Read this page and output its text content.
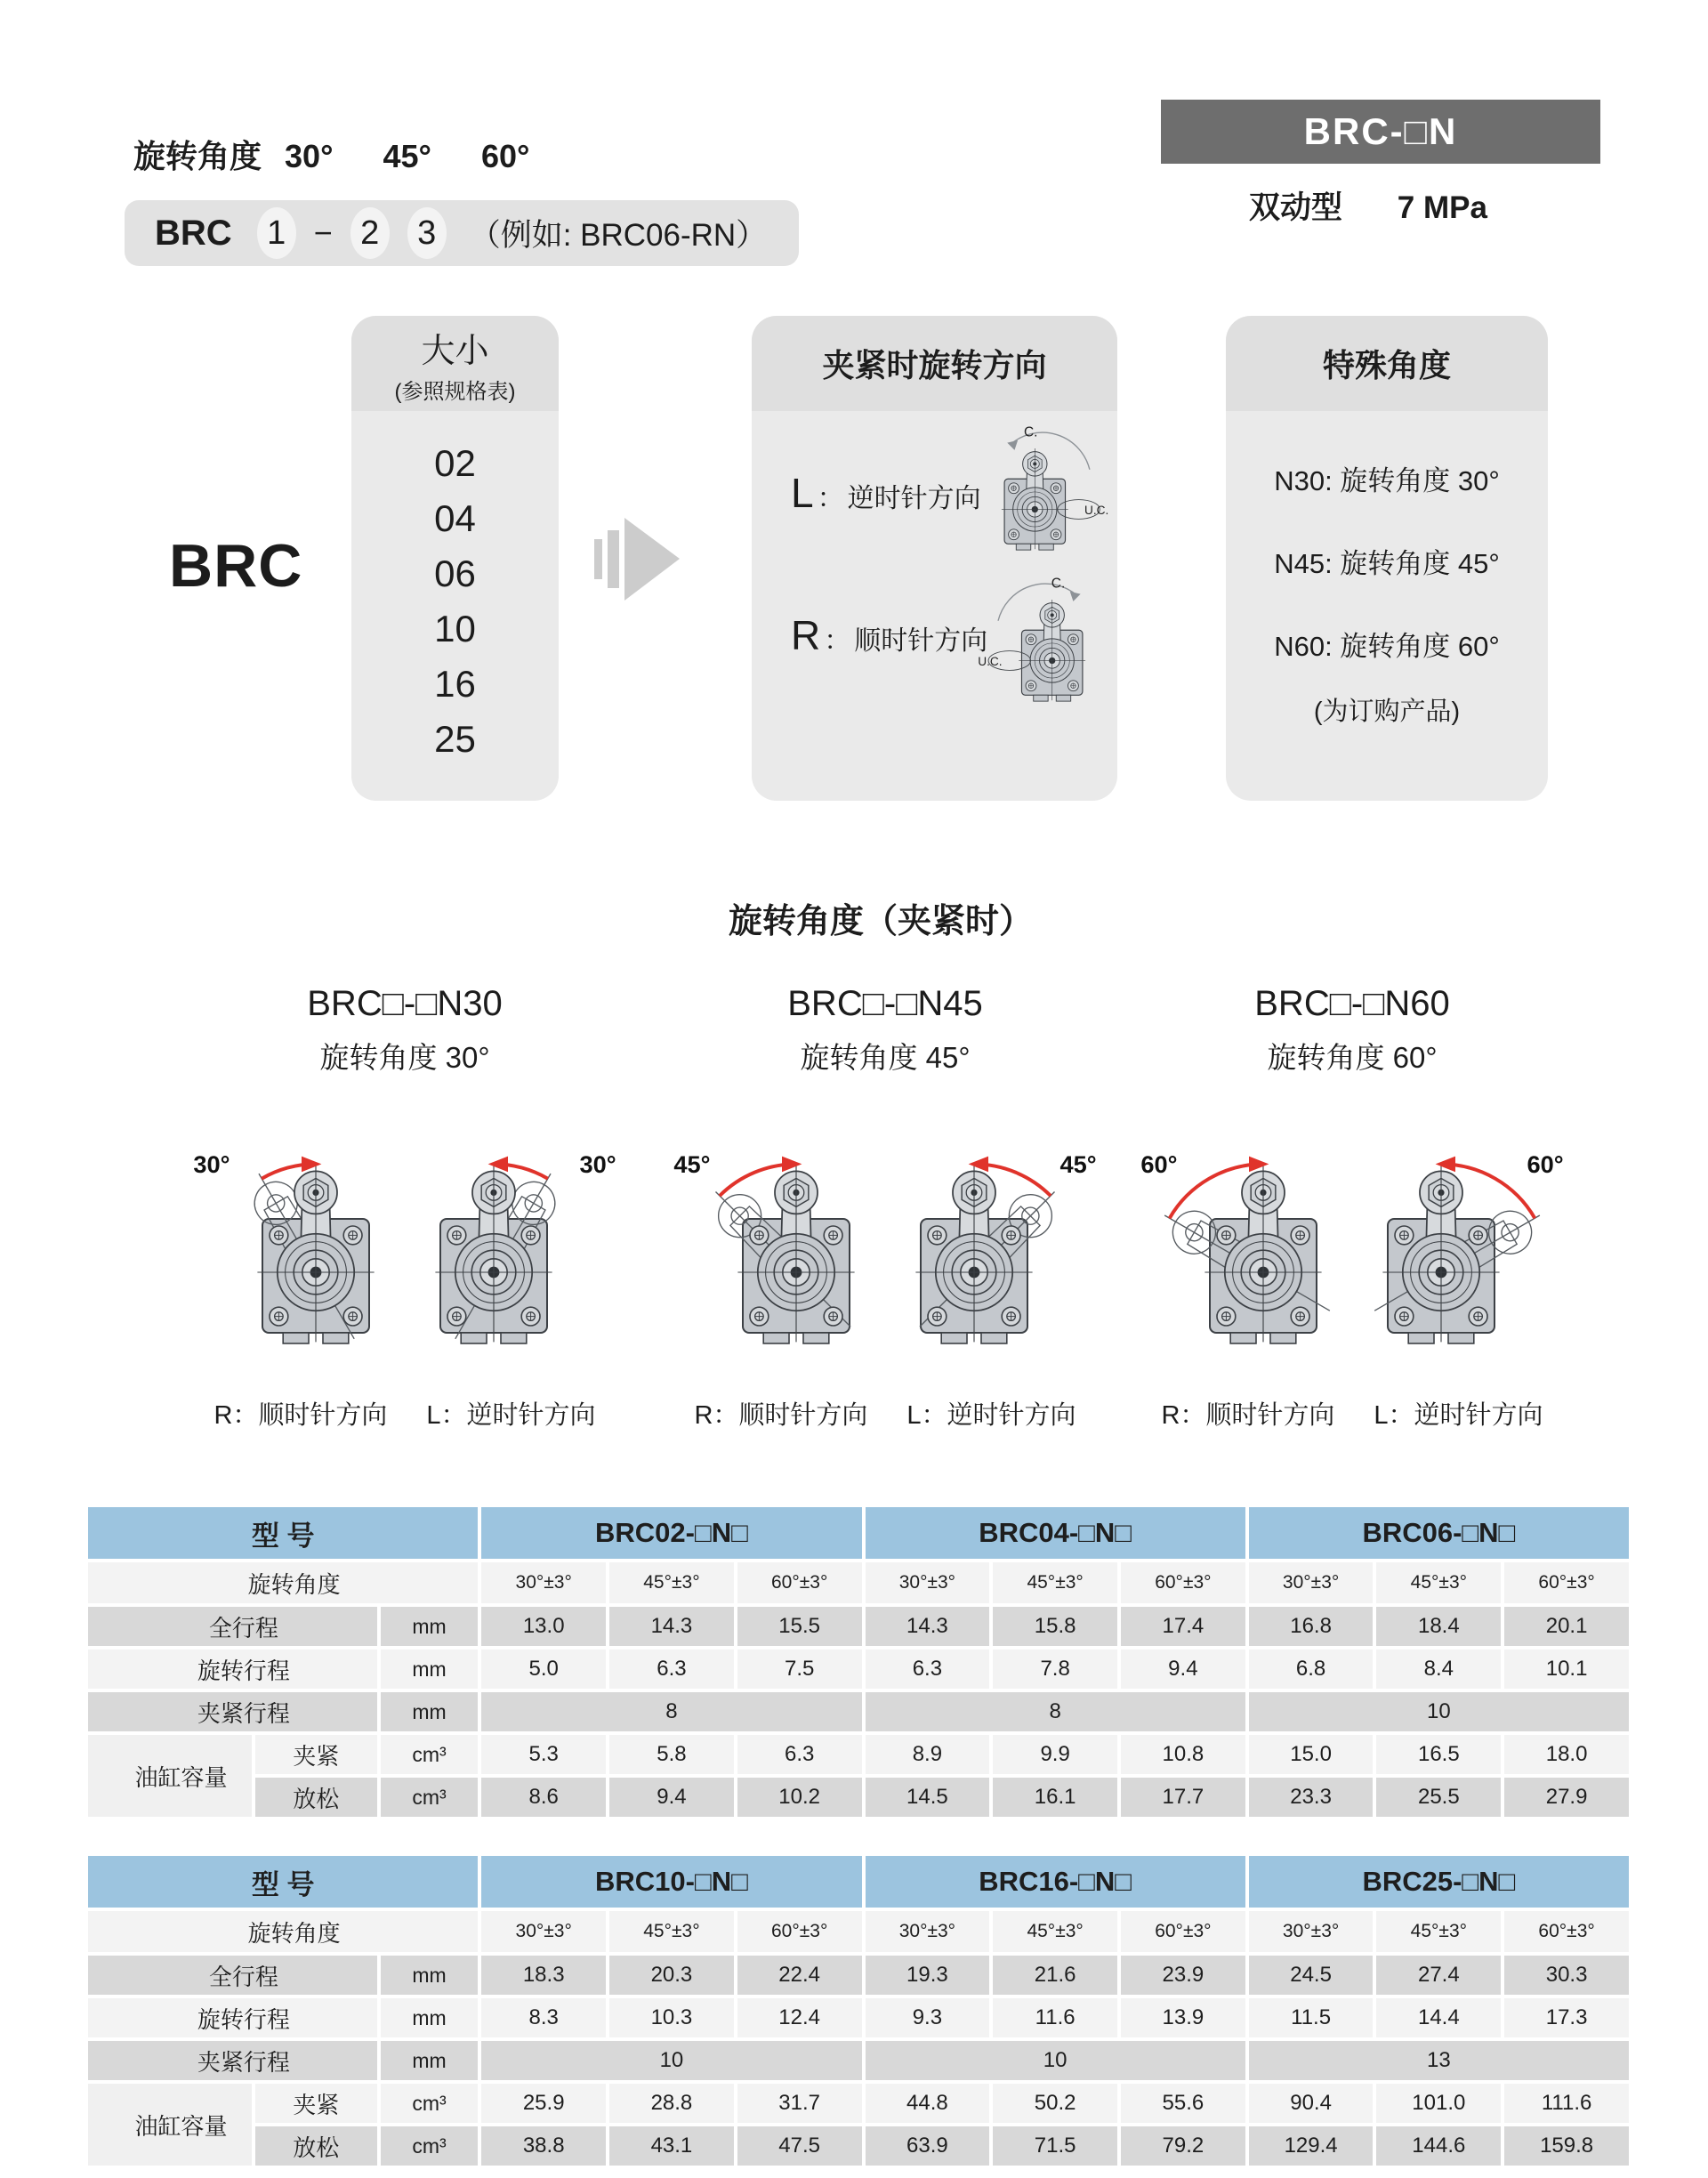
旋转角度 30° 45° 60°
BRC	1 − 2	3	（例如: BRC06-RN）
BRC-□N
双动型 7 MPa
BRC
大小
(参照规格表)
02
04
06
10
16
25
夹紧时旋转方向
L ： 逆时针方向
C.
U.C.
R ： 顺时针方向
C.
U.C.
特殊角度
N30: 旋转角度 30°
N45: 旋转角度 45°
N60: 旋转角度 60°
(为订购产品)
旋转角度（夹紧时）
BRC□-□N30
旋转角度 30°
30°	30°
R：顺时针方向 L：逆时针方向
BRC□-□N45
旋转角度 45°
45°	45°
R：顺时针方向 L：逆时针方向
BRC□-□N60
旋转角度 60°
60°	60°
R：顺时针方向 L：逆时针方向
型 号			BRC02-□N□			BRC04-□N□			BRC06-□N□		
旋转角度			30°±3°	45°±3°	60°±3°	30°±3°	45°±3°	60°±3°	30°±3°	45°±3°	60°±3°
全行程		mm	13.0	14.3	15.5	14.3	15.8	17.4	16.8	18.4	20.1
旋转行程		mm	5.0	6.3	7.5	6.3	7.8	9.4	6.8	8.4	10.1
夹紧行程		mm	8			8			10		
油缸容量	夹紧	cm³	5.3	5.8	6.3	8.9	9.9	10.8	15.0	16.5	18.0
	放松	cm³	8.6	9.4	10.2	14.5	16.1	17.7	23.3	25.5	27.9
型 号			BRC10-□N□			BRC16-□N□			BRC25-□N□		
旋转角度			30°±3°	45°±3°	60°±3°	30°±3°	45°±3°	60°±3°	30°±3°	45°±3°	60°±3°
全行程		mm	18.3	20.3	22.4	19.3	21.6	23.9	24.5	27.4	30.3
旋转行程		mm	8.3	10.3	12.4	9.3	11.6	13.9	11.5	14.4	17.3
夹紧行程		mm	10			10			13		
油缸容量	夹紧	cm³	25.9	28.8	31.7	44.8	50.2	55.6	90.4	101.0	111.6
	放松	cm³	38.8	43.1	47.5	63.9	71.5	79.2	129.4	144.6	159.8
